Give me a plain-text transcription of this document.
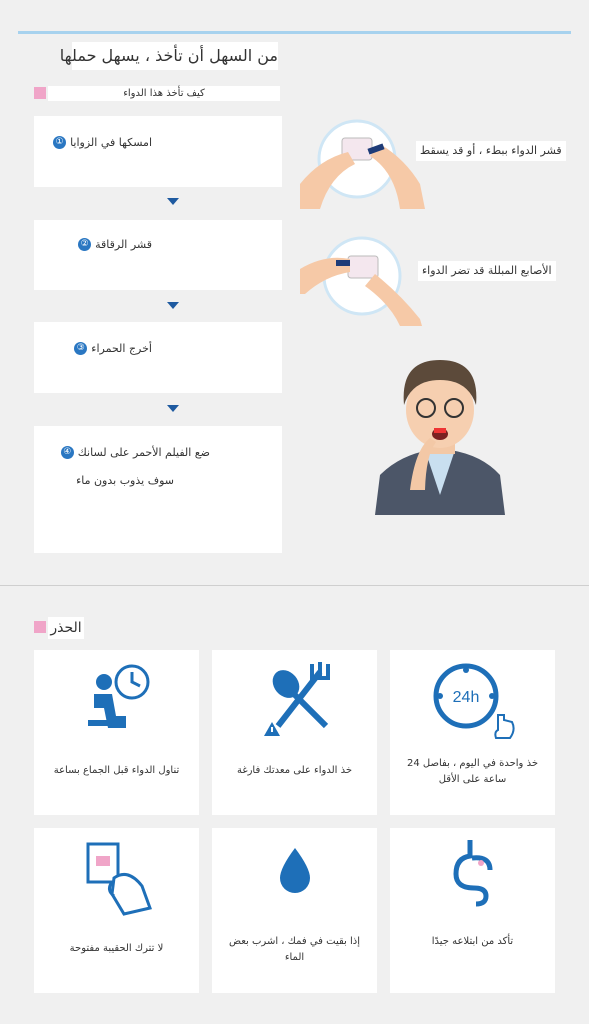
من السهل أن تأخذ ، يسهل حملها
كيف تأخذ هذا الدواء
امسكها في الزوايا
①
قشر الرقاقة
②
أخرج الحمراء
③
ضع الفيلم الأحمر على لسانك
④
سوف يذوب بدون ماء
قشر الدواء ببطء ، أو قد يسقط
الأصابع المبللة قد تضر الدواء
الحذر
تناول الدواء قبل الجماع بساعة	خذ الدواء على معدتك فارغة
24h
خذ واحدة في اليوم ، بفاصل 24 ساعة على الأقل
لا تترك الحقيبة مفتوحة
إذا بقيت في فمك ، اشرب بعض الماء
تأكد من ابتلاعه جيدًا
